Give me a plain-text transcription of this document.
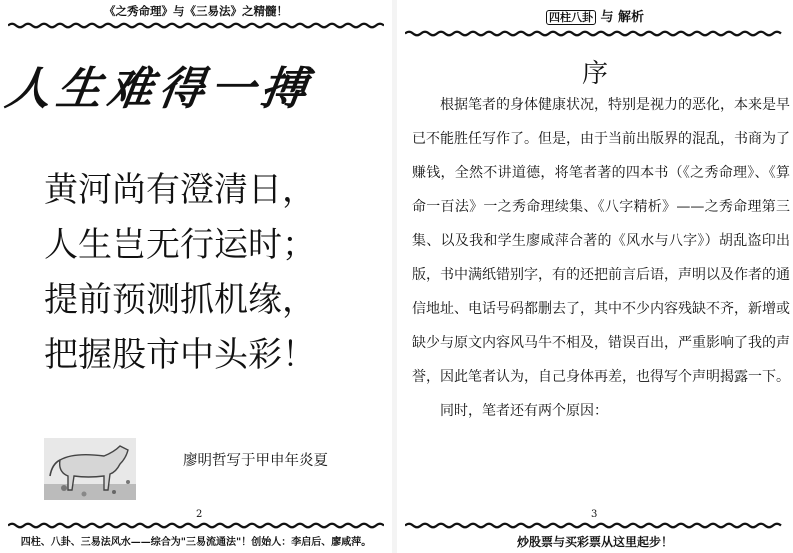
《之秀命理》与《三易法》之精髓！
人生难得一搏
黄河尚有澄清日，
人生岂无行运时；
提前预测抓机缘，
把握股市中头彩！
廖明哲写于甲申年炎夏
2
四柱、八卦、三易法风水——综合为"三易流通法"！创始人：李启后、廖咸萍。
四柱八卦 与 解析
序

根据笔者的身体健康状况，特别是视力的恶化，本来是早已不能胜任写作了。但是，由于当前出版界的混乱，书商为了赚钱，全然不讲道德，将笔者著的四本书（《之秀命理》、《算命一百法》一之秀命理续集、《八字精析》——之秀命理第三集、以及我和学生廖咸萍合著的《风水与八字》）胡乱盗印出版，书中满纸错别字，有的还把前言后语，声明以及作者的通信地址、电话号码都删去了，其中不少内容残缺不齐，新增或缺少与原文内容风马牛不相及，错误百出，严重影响了我的声誉，因此笔者认为，自己身体再差，也得写个声明揭露一下。

同时，笔者还有两个原因：

3
炒股票与买彩票从这里起步！
